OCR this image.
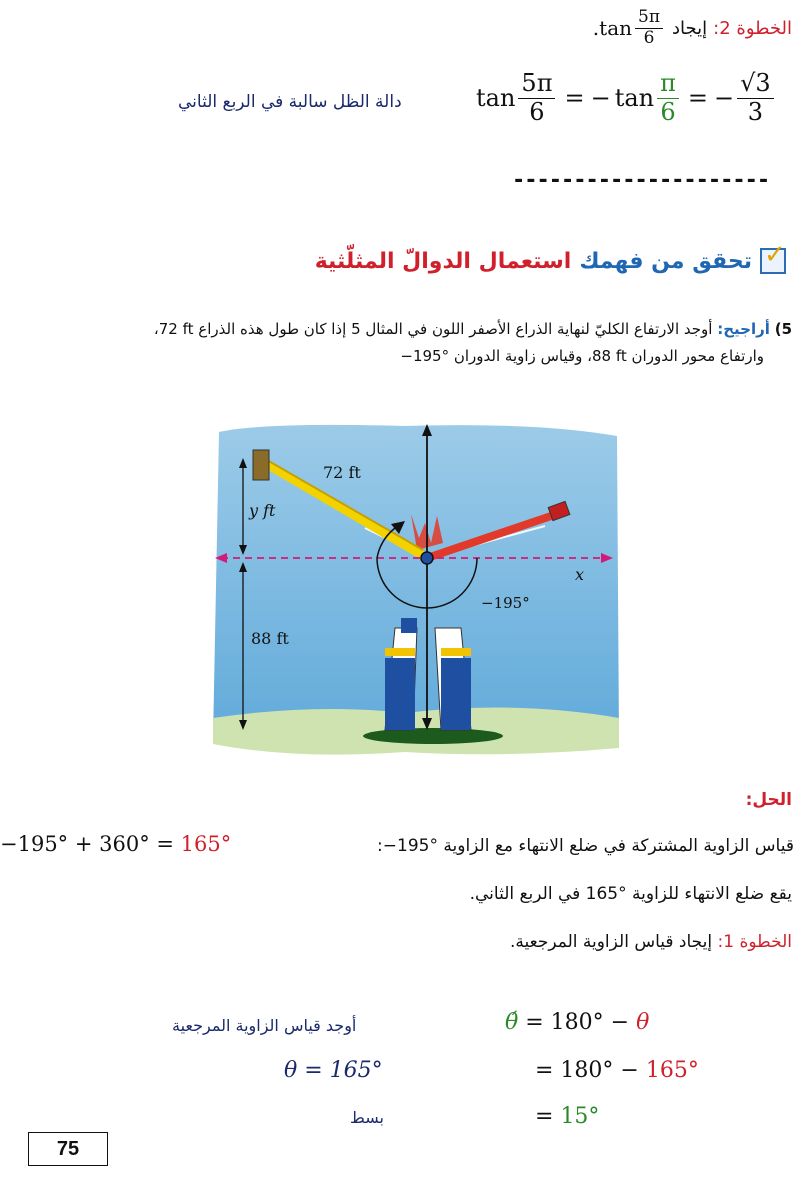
الخطوة 2:
إيجاد
. $\tan \frac{5\pi}{6}$
$\tan \frac{5\pi}{6}$ = − $\tan \frac{\pi}{6}$ = − $\frac{√3}{3}$
دالة الظل سالبة في الربع الثاني
---------------------
✓
تحقق من فهمك
استعمال الدوالّ المثلّثية
5) أراجيح: أوجد الارتفاع الكليّ لنهاية الذراع الأصفر اللون في المثال 5 إذا كان طول هذه الذراع ‎72 ft‎،
وارتفاع محور الدوران ‎88 ft‎، وقياس زاوية الدوران ‎−195°‎
72 ft
y ft
x
−195°
88 ft
الحل:
−195° + 360° = 165°	قياس الزاوية المشتركة في ضلع الانتهاء مع الزاوية ‎−195°‎:
يقع ضلع الانتهاء للزاوية ‎165°‎ في الربع الثاني.
الخطوة 1: إيجاد قياس الزاوية المرجعية.
أوجد قياس الزاوية المرجعية	θ́ = 180° − θ
θ = 165°	= 180° − 165°
بسط	= 15°
75
